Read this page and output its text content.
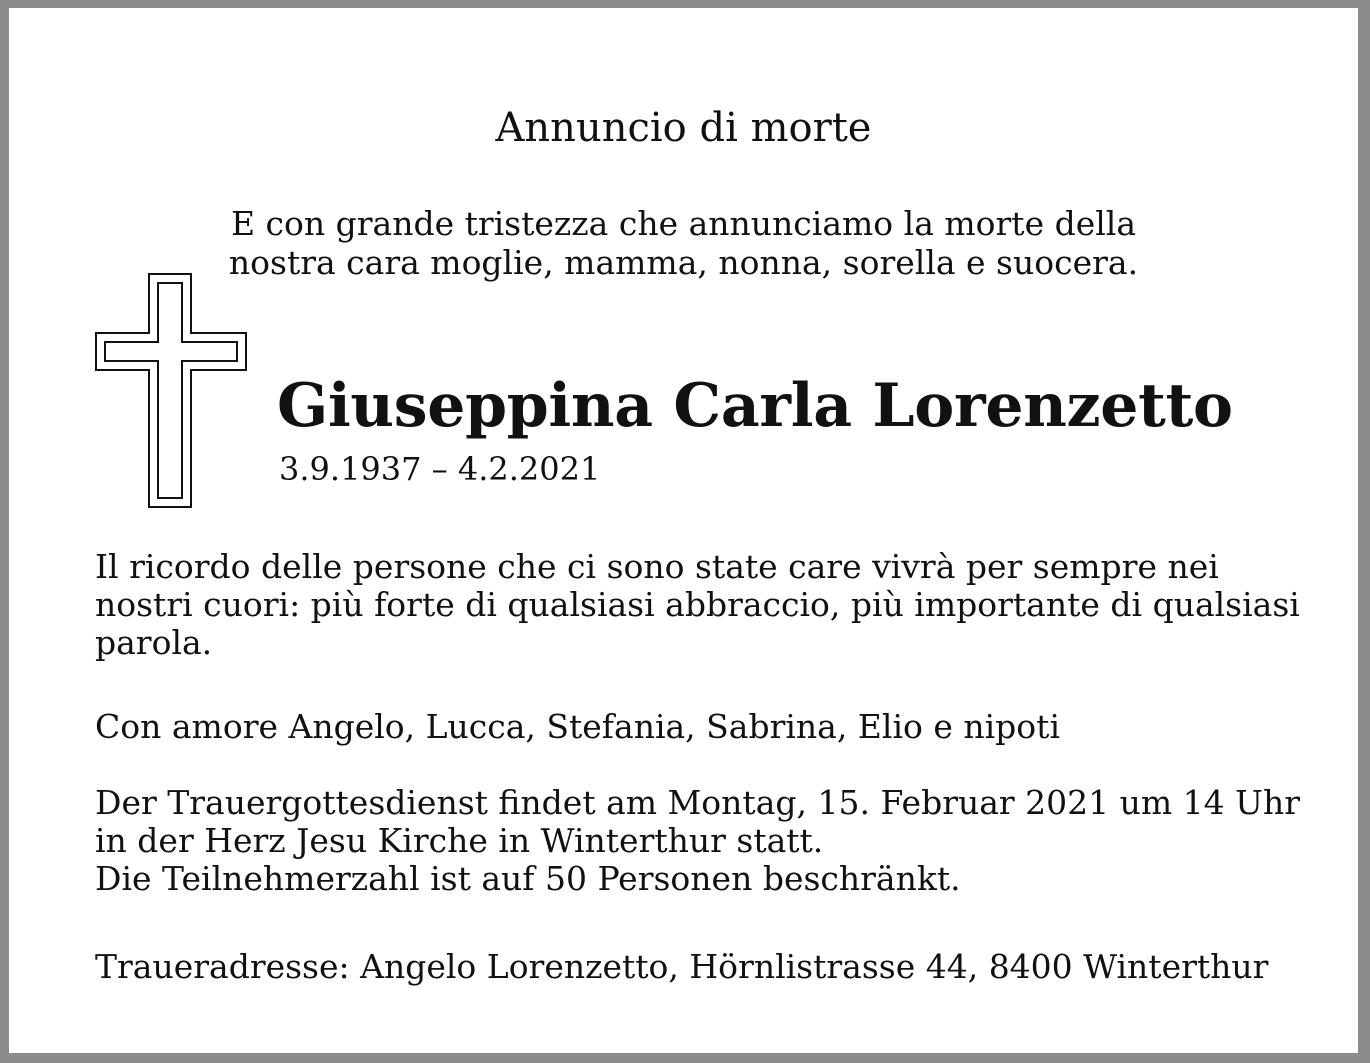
Annuncio di morte
E con grande tristezza che annunciamo la morte della
nostra cara moglie, mamma, nonna, sorella e suocera.
Giuseppina Carla Lorenzetto
3.9.1937 – 4.2.2021
Il ricordo delle persone che ci sono state care vivrà per sempre nei
nostri cuori: più forte di qualsiasi abbraccio, più importante di qualsiasi
parola.
Con amore Angelo, Lucca, Stefania, Sabrina, Elio e nipoti
Der Trauergottesdienst findet am Montag, 15. Februar 2021 um 14 Uhr
in der Herz Jesu Kirche in Winterthur statt.
Die Teilnehmerzahl ist auf 50 Personen beschränkt.
Traueradresse: Angelo Lorenzetto, Hörnlistrasse 44, 8400 Winterthur
